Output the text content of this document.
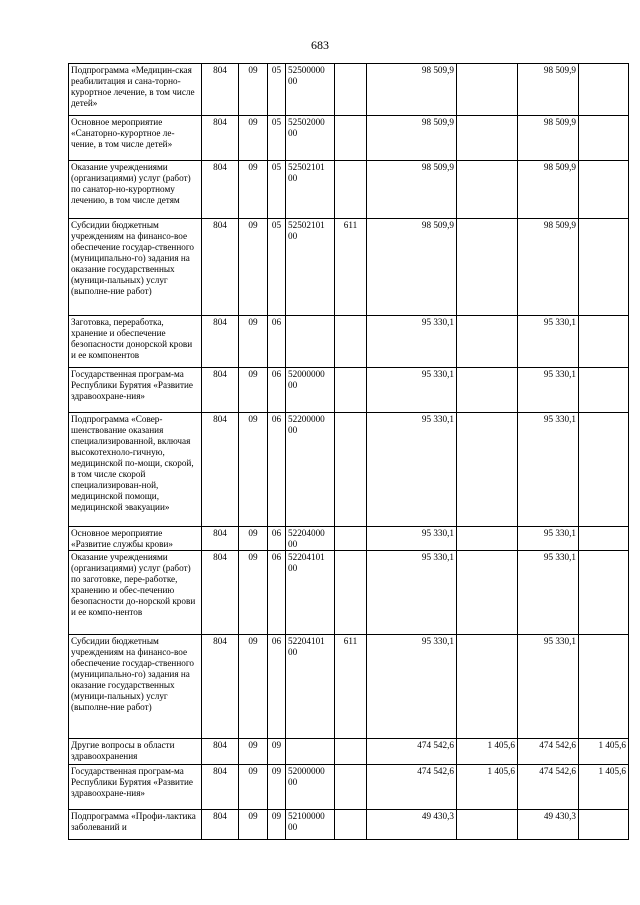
683
Подпрограмма «Медицин-ская реабилитация и сана-торно-курортное лечение, в том числе детей»	804	09	05	52500000 00		98 509,9		98 509,9	
Основное мероприятие «Санаторно-курортное ле-чение, в том числе детей»	804	09	05	52502000 00		98 509,9		98 509,9	
Оказание учреждениями (организациями) услуг (работ) по санатор-но-курортному лечению, в том числе детям	804	09	05	52502101 00		98 509,9		98 509,9	
Субсидии бюджетным учреждениям на финансо-вое обеспечение государ-ственного (муниципально-го) задания на оказание государственных (муници-пальных) услуг (выполне-ние работ)	804	09	05	52502101 00	611	98 509,9		98 509,9	
Заготовка, переработка, хранение и обеспечение безопасности донорской крови и ее компонентов	804	09	06			95 330,1		95 330,1	
Государственная програм-ма Республики Бурятия «Развитие здравоохране-ния»	804	09	06	52000000 00		95 330,1		95 330,1	
Подпрограмма «Совер-шенствование оказания специализированной, включая высокотехноло-гичную, медицинской по-мощи, скорой, в том числе скорой специализирован-ной, медицинской помощи, медицинской эвакуации»	804	09	06	52200000 00		95 330,1		95 330,1	
Основное мероприятие «Развитие службы крови»	804	09	06	52204000 00		95 330,1		95 330,1	
Оказание учреждениями (организациями) услуг (работ) по заготовке, пере-работке, хранению и обес-печению безопасности до-норской крови и ее компо-нентов	804	09	06	52204101 00		95 330,1		95 330,1	
Субсидии бюджетным учреждениям на финансо-вое обеспечение государ-ственного (муниципально-го) задания на оказание государственных (муници-пальных) услуг (выполне-ние работ)	804	09	06	52204101 00	611	95 330,1		95 330,1	
Другие вопросы в области здравоохранения	804	09	09			474 542,6	1 405,6	474 542,6	1 405,6
Государственная програм-ма Республики Бурятия «Развитие здравоохране-ния»	804	09	09	52000000 00		474 542,6	1 405,6	474 542,6	1 405,6
Подпрограмма «Профи-лактика заболеваний и	804	09	09	52100000 00		49 430,3		49 430,3	
